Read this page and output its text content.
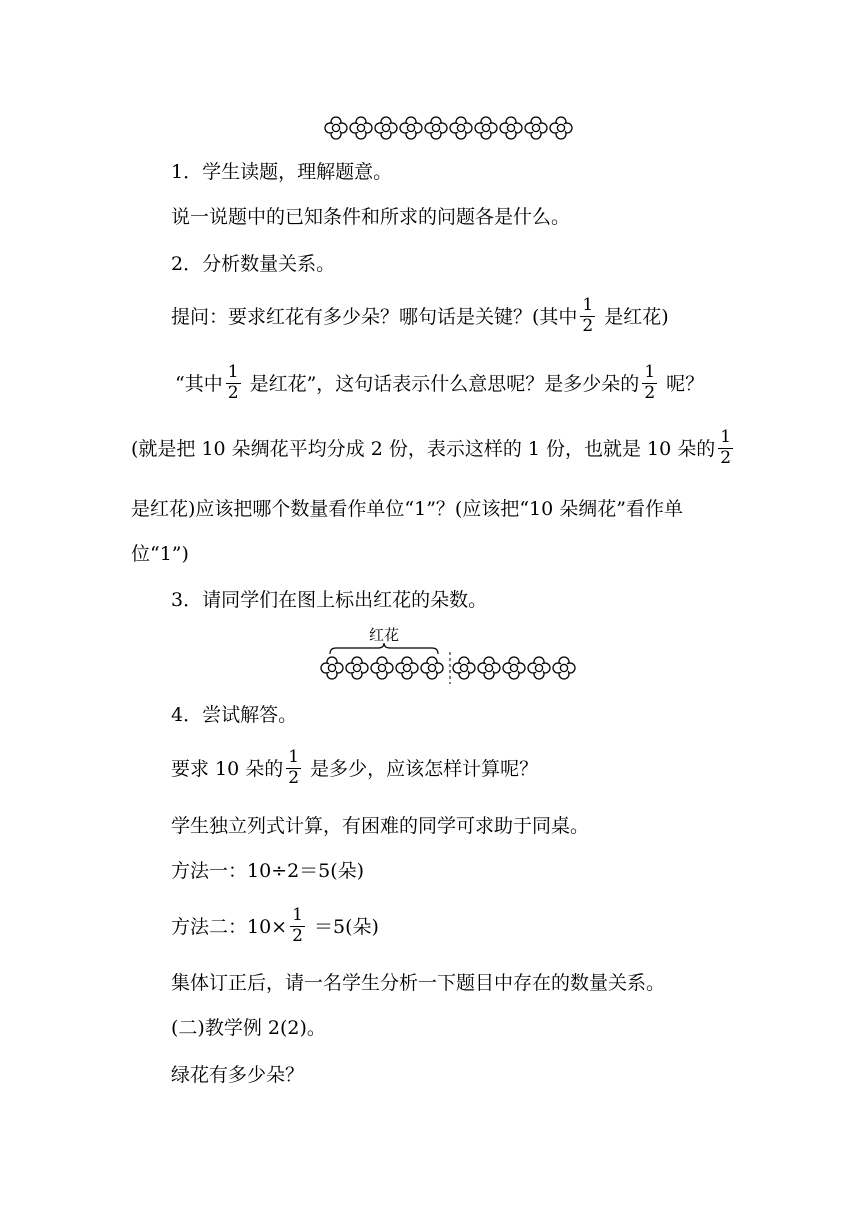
1．学生读题，理解题意。
说一说题中的已知条件和所求的问题各是什么。
2．分析数量关系。
提问：要求红花有多少朵？哪句话是关键？(其中 $\frac{1}{2}$ 是红花)
“其中 $\frac{1}{2}$ 是红花”，这句话表示什么意思呢？是多少朵的 $\frac{1}{2}$ 呢？
(就是把 10 朵绸花平均分成 2 份，表示这样的 1 份，也就是 10 朵的 $\frac{1}{2}$
是红花)应该把哪个数量看作单位“1”？(应该把“10 朵绸花”看作单
位“1”)
3．请同学们在图上标出红花的朵数。
红花
4．尝试解答。
要求 10 朵的 $\frac{1}{2}$ 是多少，应该怎样计算呢？
学生独立列式计算，有困难的同学可求助于同桌。
方法一：10÷2＝5(朵)
方法二：$10\times \frac{1}{2} =5$(朵)
集体订正后，请一名学生分析一下题目中存在的数量关系。
(二)教学例 2(2)。
绿花有多少朵？
